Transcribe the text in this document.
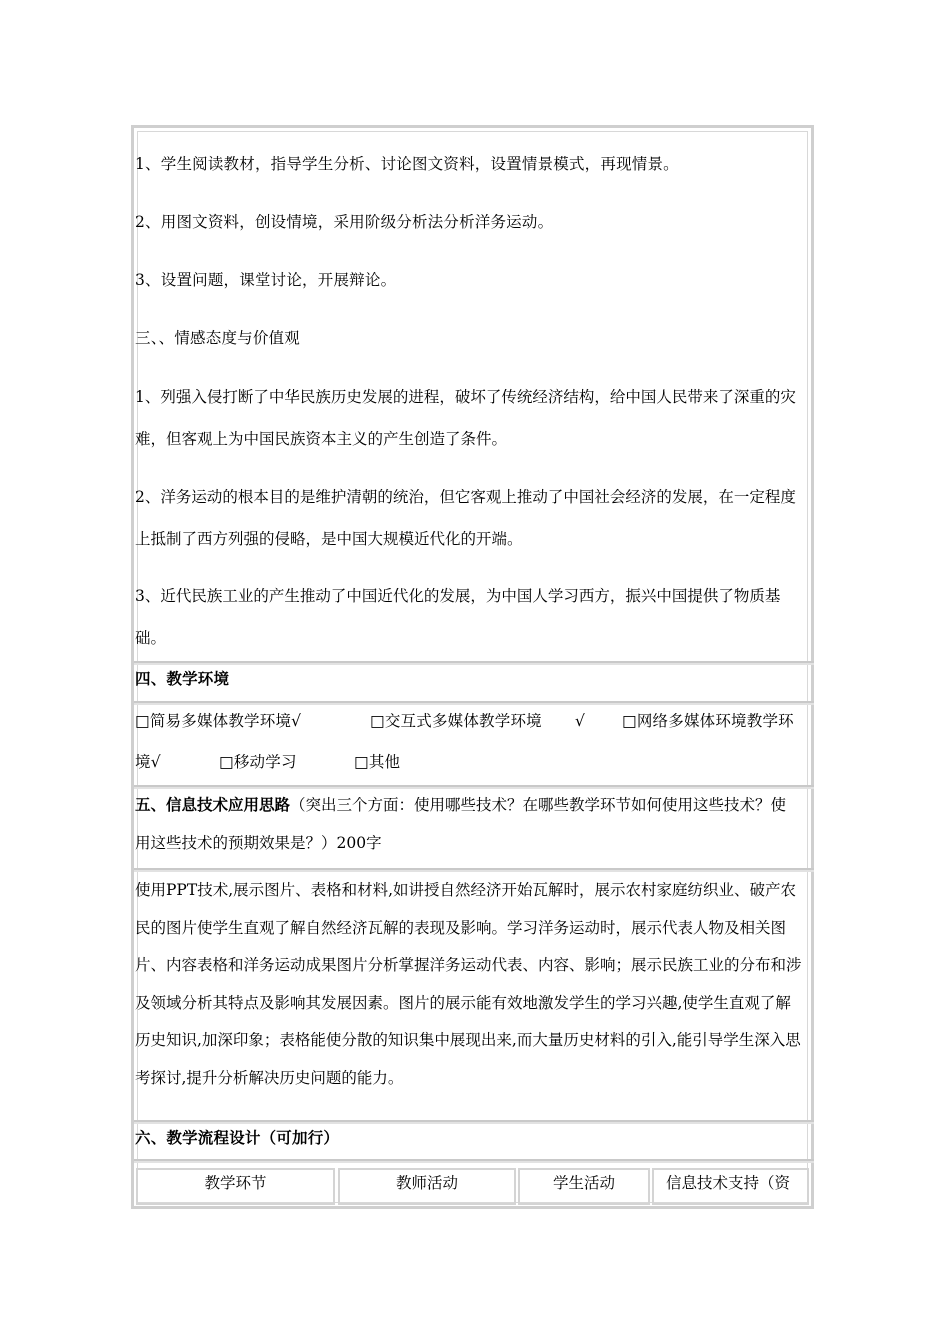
1、学生阅读教材，指导学生分析、讨论图文资料，设置情景模式，再现情景。
2、用图文资料，创设情境，采用阶级分析法分析洋务运动。
3、设置问题，课堂讨论，开展辩论。
三、、情感态度与价值观
1、列强入侵打断了中华民族历史发展的进程，破坏了传统经济结构，给中国人民带来了深重的灾难，但客观上为中国民族资本主义的产生创造了条件。
2、洋务运动的根本目的是维护清朝的统治，但它客观上推动了中国社会经济的发展，在一定程度上抵制了西方列强的侵略，是中国大规模近代化的开端。
3、近代民族工业的产生推动了中国近代化的发展，为中国人学习西方，振兴中国提供了物质基础。
四、教学环境
□简易多媒体教学环境√	□交互式多媒体教学环境 √ □网络多媒体环境教学环
境√	□移动学习	□其他
五、信息技术应用思路（突出三个方面：使用哪些技术？在哪些教学环节如何使用这些技术？使用这些技术的预期效果是？）200字
使用PPT技术,展示图片、表格和材料,如讲授自然经济开始瓦解时，展示农村家庭纺织业、破产农民的图片使学生直观了解自然经济瓦解的表现及影响。学习洋务运动时，展示代表人物及相关图片、内容表格和洋务运动成果图片分析掌握洋务运动代表、内容、影响；展示民族工业的分布和涉及领域分析其特点及影响其发展因素。图片的展示能有效地激发学生的学习兴趣,使学生直观了解历史知识,加深印象；表格能使分散的知识集中展现出来,而大量历史材料的引入,能引导学生深入思考探讨,提升分析解决历史问题的能力。
六、教学流程设计（可加行）
教学环节	教师活动	学生活动	信息技术支持（资
